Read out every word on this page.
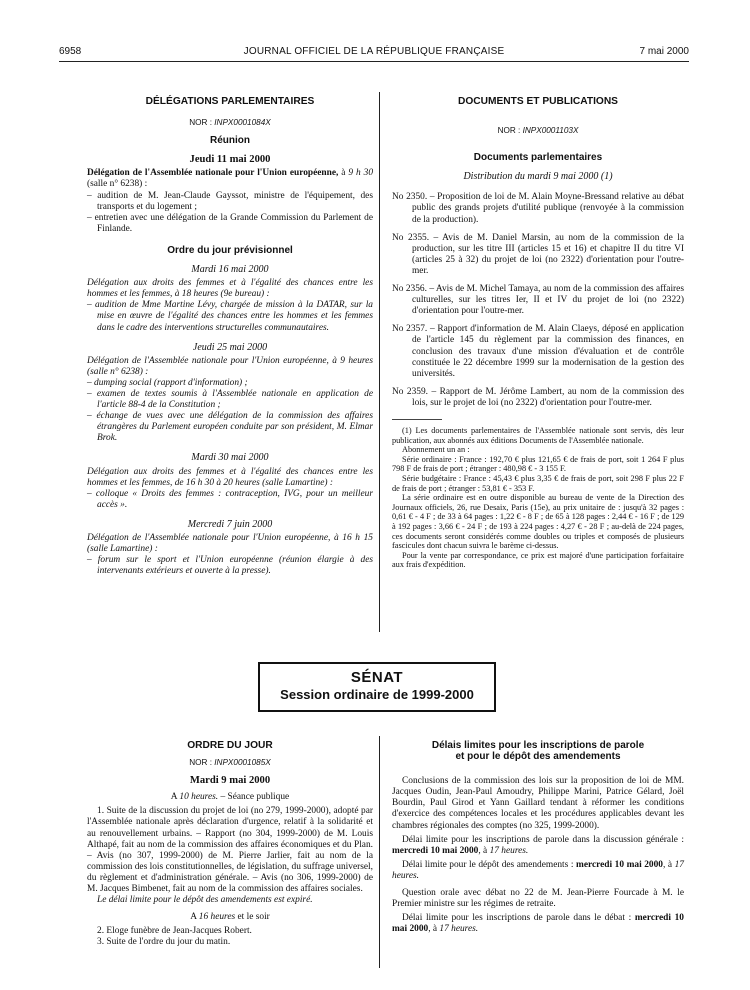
6958	JOURNAL OFFICIEL DE LA RÉPUBLIQUE FRANÇAISE	7 mai 2000
DÉLÉGATIONS PARLEMENTAIRES
NOR : INPX0001084X
Réunion
Jeudi 11 mai 2000

Délégation de l'Assemblée nationale pour l'Union européenne, à 9 h 30 (salle n° 6238) :

– audition de M. Jean-Claude Gayssot, ministre de l'équipement, des transports et du logement ;

– entretien avec une délégation de la Grande Commission du Parlement de Finlande.

Ordre du jour prévisionnel
Mardi 16 mai 2000

Délégation aux droits des femmes et à l'égalité des chances entre les hommes et les femmes, à 18 heures (9e bureau) :

– audition de Mme Martine Lévy, chargée de mission à la DATAR, sur la mise en œuvre de l'égalité des chances entre les hommes et les femmes dans le cadre des interventions structurelles communautaires.

Jeudi 25 mai 2000

Délégation de l'Assemblée nationale pour l'Union européenne, à 9 heures (salle n° 6238) :

– dumping social (rapport d'information) ;

– examen de textes soumis à l'Assemblée nationale en application de l'article 88-4 de la Constitution ;

– échange de vues avec une délégation de la commission des affaires étrangères du Parlement européen conduite par son président, M. Elmar Brok.

Mardi 30 mai 2000

Délégation aux droits des femmes et à l'égalité des chances entre les hommes et les femmes, de 16 h 30 à 20 heures (salle Lamartine) :

– colloque « Droits des femmes : contraception, IVG, pour un meilleur accès ».

Mercredi 7 juin 2000

Délégation de l'Assemblée nationale pour l'Union européenne, à 16 h 15 (salle Lamartine) :

– forum sur le sport et l'Union européenne (réunion élargie à des intervenants extérieurs et ouverte à la presse).

DOCUMENTS ET PUBLICATIONS
NOR : INPX0001103X
Documents parlementaires
Distribution du mardi 9 mai 2000 (1)

No 2350. – Proposition de loi de M. Alain Moyne-Bressand relative au débat public des grands projets d'utilité publique (renvoyée à la commission de la production).

No 2355. – Avis de M. Daniel Marsin, au nom de la commission de la production, sur les titre III (articles 15 et 16) et chapitre II du titre VI (articles 25 à 32) du projet de loi (no 2322) d'orientation pour l'outre-mer.

No 2356. – Avis de M. Michel Tamaya, au nom de la commission des affaires culturelles, sur les titres Ier, II et IV du projet de loi (no 2322) d'orientation pour l'outre-mer.

No 2357. – Rapport d'information de M. Alain Claeys, déposé en application de l'article 145 du règlement par la commission des finances, en conclusion des travaux d'une mission d'évaluation et de contrôle constituée le 22 décembre 1999 sur la modernisation de la gestion des universités.

No 2359. – Rapport de M. Jérôme Lambert, au nom de la commission des lois, sur le projet de loi (no 2322) d'orientation pour l'outre-mer.

(1) Les documents parlementaires de l'Assemblée nationale sont servis, dès leur publication, aux abonnés aux éditions Documents de l'Assemblée nationale.

Abonnement un an :

Série ordinaire : France : 192,70 € plus 121,65 € de frais de port, soit 1 264 F plus 798 F de frais de port ; étranger : 480,98 € - 3 155 F.

Série budgétaire : France : 45,43 € plus 3,35 € de frais de port, soit 298 F plus 22 F de frais de port ; étranger : 53,81 € - 353 F.

La série ordinaire est en outre disponible au bureau de vente de la Direction des Journaux officiels, 26, rue Desaix, Paris (15e), au prix unitaire de : jusqu'à 32 pages : 0,61 € - 4 F ; de 33 à 64 pages : 1,22 € - 8 F ; de 65 à 128 pages : 2,44 € - 16 F ; de 129 à 192 pages : 3,66 € - 24 F ; de 193 à 224 pages : 4,27 € - 28 F ; au-delà de 224 pages, ces documents seront considérés comme doubles ou triples et composés de plusieurs fascicules dont chacun suivra le barème ci-dessus.

Pour la vente par correspondance, ce prix est majoré d'une participation forfaitaire aux frais d'expédition.

SÉNAT
Session ordinaire de 1999-2000
ORDRE DU JOUR
NOR : INPX0001085X
Mardi 9 mai 2000
A 10 heures. – Séance publique

1. Suite de la discussion du projet de loi (no 279, 1999-2000), adopté par l'Assemblée nationale après déclaration d'urgence, relatif à la solidarité et au renouvellement urbains. – Rapport (no 304, 1999-2000) de M. Louis Althapé, fait au nom de la commission des affaires économiques et du Plan. – Avis (no 307, 1999-2000) de M. Pierre Jarlier, fait au nom de la commission des lois constitutionnelles, de législation, du suffrage universel, du règlement et d'administration générale. – Avis (no 306, 1999-2000) de M. Jacques Bimbenet, fait au nom de la commission des affaires sociales.

Le délai limite pour le dépôt des amendements est expiré.

A 16 heures et le soir

2. Eloge funèbre de Jean-Jacques Robert.

3. Suite de l'ordre du jour du matin.

Délais limites pour les inscriptions de parole
et pour le dépôt des amendements

Conclusions de la commission des lois sur la proposition de loi de MM. Jacques Oudin, Jean-Paul Amoudry, Philippe Marini, Patrice Gélard, Joël Bourdin, Paul Girod et Yann Gaillard tendant à réformer les conditions d'exercice des compétences locales et les procédures applicables devant les chambres régionales des comptes (no 325, 1999-2000).

Délai limite pour les inscriptions de parole dans la discussion générale : mercredi 10 mai 2000, à 17 heures.

Délai limite pour le dépôt des amendements : mercredi 10 mai 2000, à 17 heures.

Question orale avec débat no 22 de M. Jean-Pierre Fourcade à M. le Premier ministre sur les régimes de retraite.

Délai limite pour les inscriptions de parole dans le débat : mercredi 10 mai 2000, à 17 heures.
